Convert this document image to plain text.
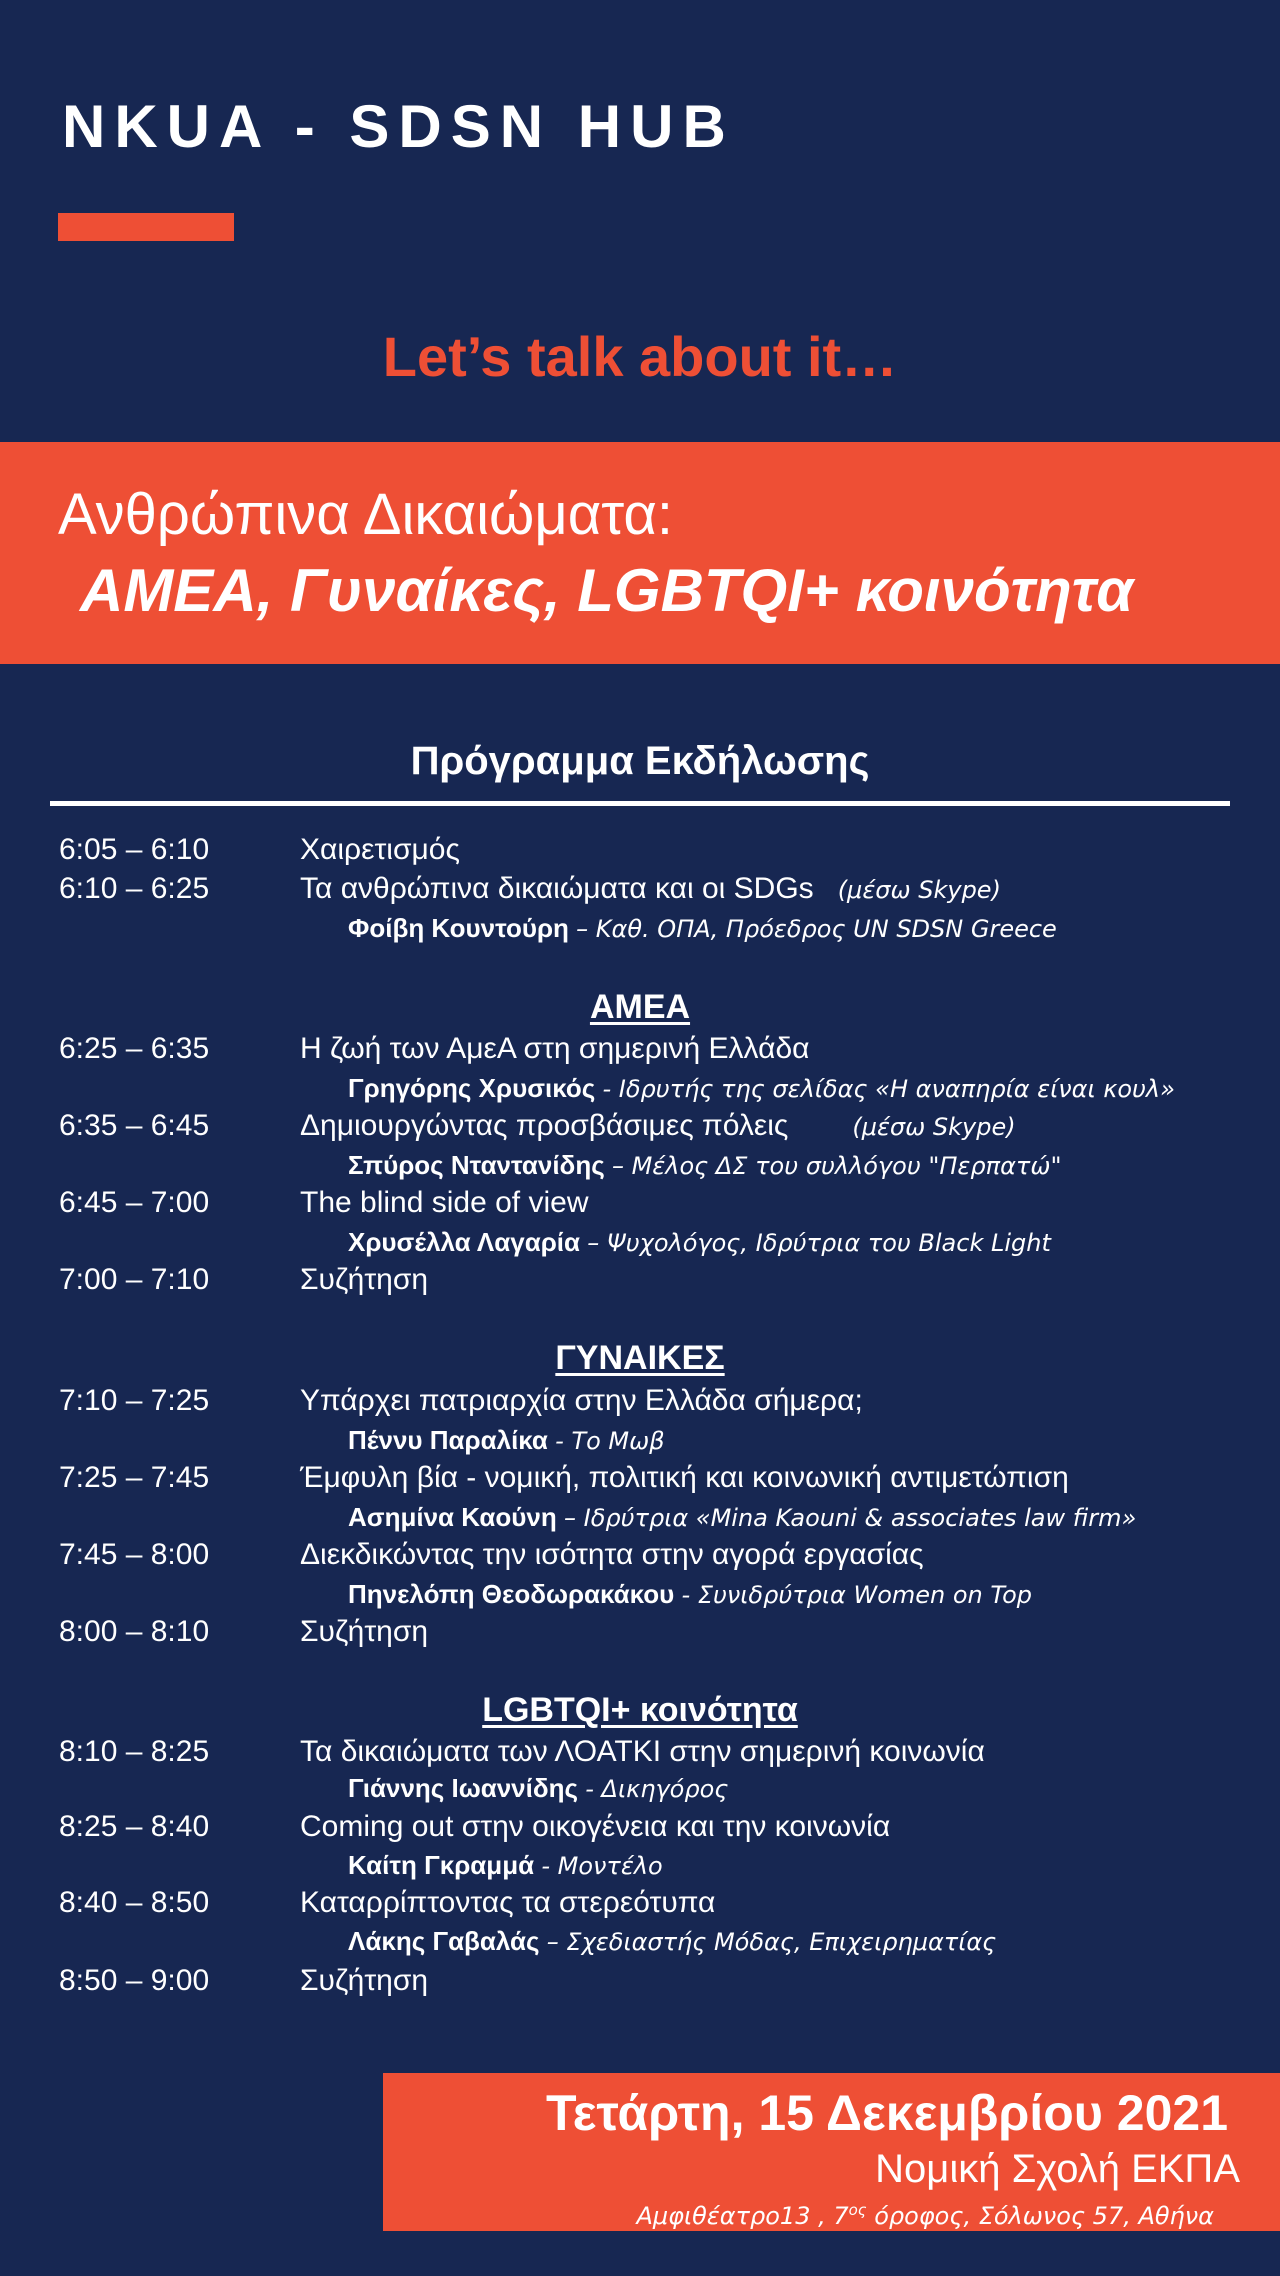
NKUA - SDSN HUB
Let’s talk about it…
Ανθρώπινα Δικαιώματα:
ΑΜΕΑ, Γυναίκες, LGBTQI+ κοινότητα
Πρόγραμμα Εκδήλωσης
6:05 – 6:10	Χαιρετισμός
6:10 – 6:25	Τα ανθρώπινα δικαιώματα και οι SDGs (μέσω Skype)
Φοίβη Κουντούρη – Καθ. ΟΠΑ, Πρόεδρος UN SDSN Greece
ΑΜΕΑ
6:25 – 6:35	Η ζωή των ΑμεΑ στη σημερινή Ελλάδα
Γρηγόρης Χρυσικός - Ιδρυτής της σελίδας «Η αναπηρία είναι κουλ»
6:35 – 6:45	Δημιουργώντας προσβάσιμες πόλεις	(μέσω Skype)
Σπύρος Νταντανίδης – Μέλος ΔΣ του συλλόγου "Περπατώ"
6:45 – 7:00	The blind side of view
Χρυσέλλα Λαγαρία – Ψυχολόγος, Ιδρύτρια του Black Light
7:00 – 7:10	Συζήτηση
ΓΥΝΑΙΚΕΣ
7:10 – 7:25	Υπάρχει πατριαρχία στην Ελλάδα σήμερα;
Πέννυ Παραλίκα - Το Μωβ
7:25 – 7:45	Έμφυλη βία - νομική, πολιτική και κοινωνική αντιμετώπιση
Ασημίνα Καούνη – Ιδρύτρια «Mina Kaouni & associates law firm»
7:45 – 8:00	Διεκδικώντας την ισότητα στην αγορά εργασίας
Πηνελόπη Θεοδωρακάκου - Συνιδρύτρια Women on Top
8:00 – 8:10	Συζήτηση
LGBTQI+ κοινότητα
8:10 – 8:25	Τα δικαιώματα των ΛΟΑΤΚΙ στην σημερινή κοινωνία
Γιάννης Ιωαννίδης - Δικηγόρος
8:25 – 8:40	Coming out στην οικογένεια και την κοινωνία
Καίτη Γκραμμά - Μοντέλο
8:40 – 8:50	Καταρρίπτοντας τα στερεότυπα
Λάκης Γαβαλάς – Σχεδιαστής Μόδας, Επιχειρηματίας
8:50 – 9:00	Συζήτηση
Τετάρτη, 15 Δεκεμβρίου 2021
Νομική Σχολή ΕΚΠΑ
Αμφιθέατρο13 , $7^{o\varsigma}$ όροφος, Σόλωνος 57, Αθήνα
